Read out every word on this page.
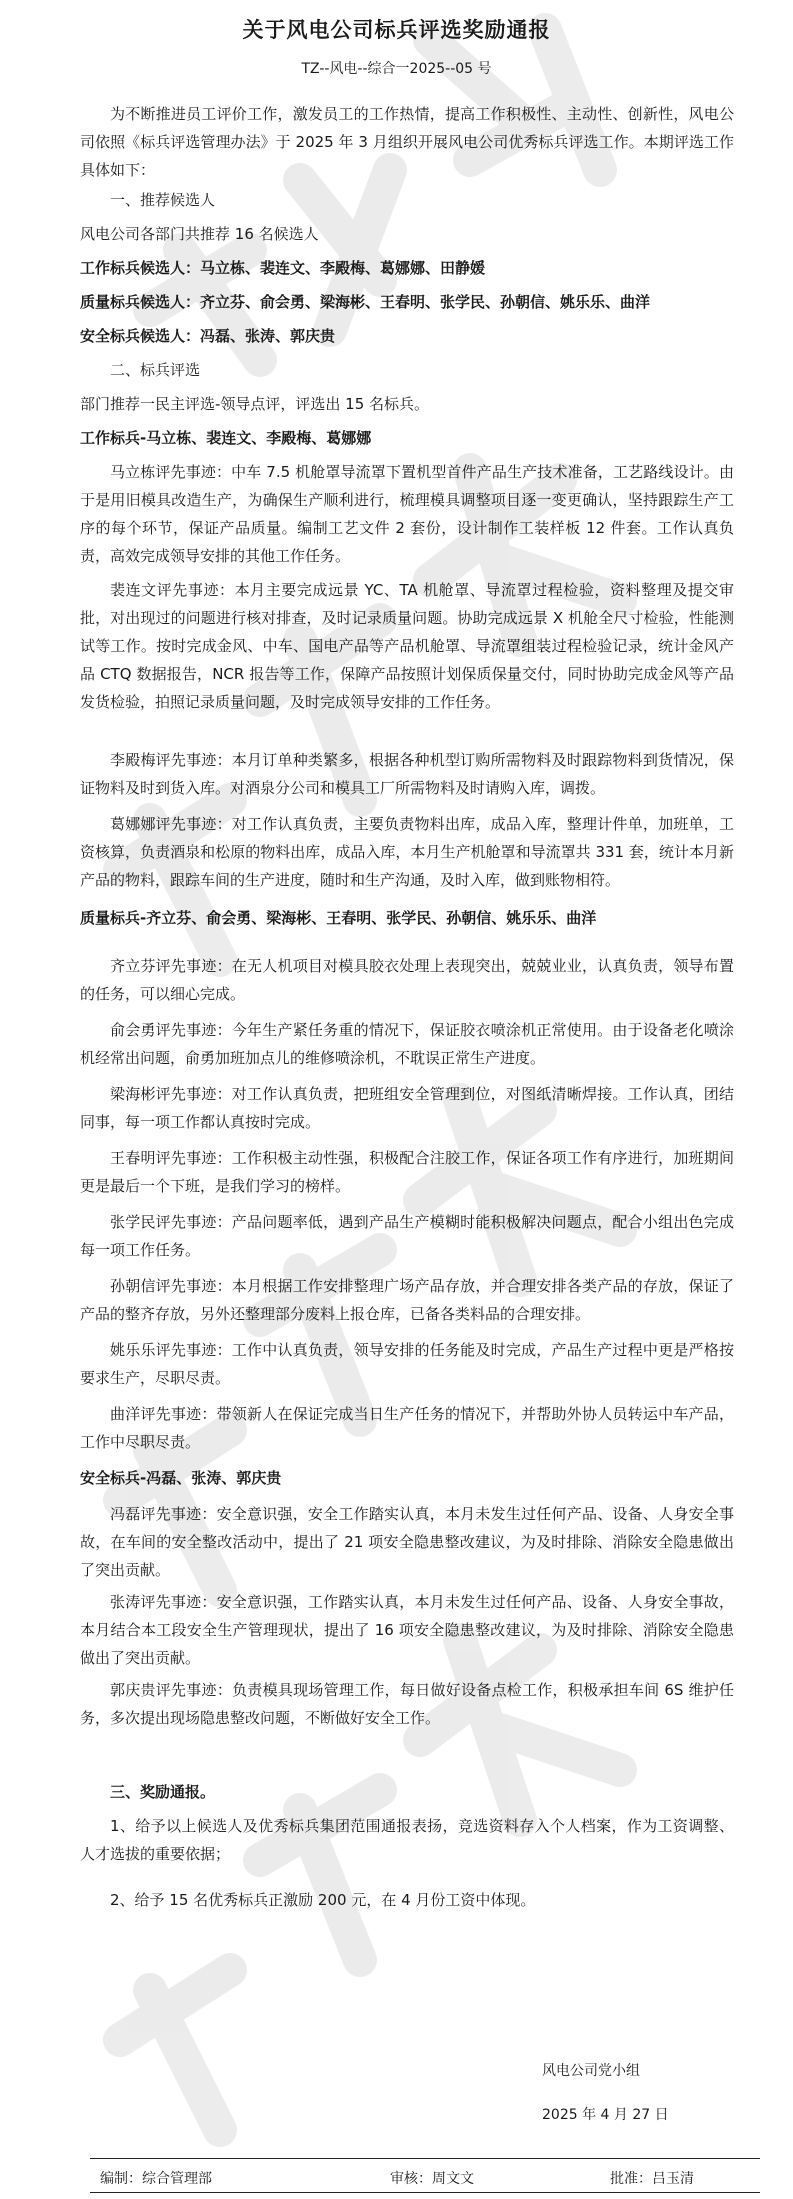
关于风电公司标兵评选奖励通报
TZ--风电--综合一2025--05 号

为不断推进员工评价工作，激发员工的工作热情，提高工作积极性、主动性、创新性，风电公司依照《标兵评选管理办法》于 2025 年 3 月组织开展风电公司优秀标兵评选工作。本期评选工作具体如下：

一、推荐候选人

风电公司各部门共推荐 16 名候选人

工作标兵候选人：马立栋、裴连文、李殿梅、葛娜娜、田静媛

质量标兵候选人：齐立芬、俞会勇、梁海彬、王春明、张学民、孙朝信、姚乐乐、曲洋

安全标兵候选人：冯磊、张涛、郭庆贵

二、标兵评选

部门推荐一民主评选-领导点评，评选出 15 名标兵。

工作标兵-马立栋、裴连文、李殿梅、葛娜娜

马立栋评先事迹：中车 7.5 机舱罩导流罩下置机型首件产品生产技术准备，工艺路线设计。由于是用旧模具改造生产，为确保生产顺利进行，梳理模具调整项目逐一变更确认，坚持跟踪生产工序的每个环节，保证产品质量。编制工艺文件 2 套份，设计制作工装样板 12 件套。工作认真负责，高效完成领导安排的其他工作任务。

裴连文评先事迹：本月主要完成远景 YC、TA 机舱罩、导流罩过程检验，资料整理及提交审批，对出现过的问题进行核对排查，及时记录质量问题。协助完成远景 X 机舱全尺寸检验，性能测试等工作。按时完成金风、中车、国电产品等产品机舱罩、导流罩组装过程检验记录，统计金风产品 CTQ 数据报告，NCR 报告等工作，保障产品按照计划保质保量交付，同时协助完成金风等产品发货检验，拍照记录质量问题，及时完成领导安排的工作任务。

李殿梅评先事迹：本月订单种类繁多，根据各种机型订购所需物料及时跟踪物料到货情况，保证物料及时到货入库。对酒泉分公司和模具工厂所需物料及时请购入库，调拨。

葛娜娜评先事迹：对工作认真负责，主要负责物料出库，成品入库，整理计件单，加班单，工资核算，负责酒泉和松原的物料出库，成品入库，本月生产机舱罩和导流罩共 331 套，统计本月新产品的物料，跟踪车间的生产进度，随时和生产沟通，及时入库，做到账物相符。

质量标兵-齐立芬、俞会勇、梁海彬、王春明、张学民、孙朝信、姚乐乐、曲洋

齐立芬评先事迹：在无人机项目对模具胶衣处理上表现突出，兢兢业业，认真负责，领导布置的任务，可以细心完成。

俞会勇评先事迹：今年生产紧任务重的情况下，保证胶衣喷涂机正常使用。由于设备老化喷涂机经常出问题，俞勇加班加点儿的维修喷涂机，不耽误正常生产进度。

梁海彬评先事迹：对工作认真负责，把班组安全管理到位，对图纸清晰焊接。工作认真，团结同事，每一项工作都认真按时完成。

王春明评先事迹：工作积极主动性强，积极配合注胶工作，保证各项工作有序进行，加班期间更是最后一个下班，是我们学习的榜样。

张学民评先事迹：产品问题率低，遇到产品生产模糊时能积极解决问题点，配合小组出色完成每一项工作任务。

孙朝信评先事迹：本月根据工作安排整理广场产品存放，并合理安排各类产品的存放，保证了产品的整齐存放，另外还整理部分废料上报仓库，已备各类料品的合理安排。

姚乐乐评先事迹：工作中认真负责，领导安排的任务能及时完成，产品生产过程中更是严格按要求生产，尽职尽责。

曲洋评先事迹：带领新人在保证完成当日生产任务的情况下，并帮助外协人员转运中车产品，工作中尽职尽责。

安全标兵-冯磊、张涛、郭庆贵

冯磊评先事迹：安全意识强，安全工作踏实认真，本月未发生过任何产品、设备、人身安全事故，在车间的安全整改活动中，提出了 21 项安全隐患整改建议，为及时排除、消除安全隐患做出了突出贡献。

张涛评先事迹：安全意识强，工作踏实认真，本月未发生过任何产品、设备、人身安全事故，本月结合本工段安全生产管理现状，提出了 16 项安全隐患整改建议，为及时排除、消除安全隐患做出了突出贡献。

郭庆贵评先事迹：负责模具现场管理工作，每日做好设备点检工作，积极承担车间 6S 维护任务，多次提出现场隐患整改问题，不断做好安全工作。

三、奖励通报。

1、给予以上候选人及优秀标兵集团范围通报表扬，竞选资料存入个人档案，作为工资调整、人才选拔的重要依据；

2、给予 15 名优秀标兵正激励 200 元，在 4 月份工资中体现。

风电公司党小组
2025 年 4 月 27 日
编制：综合管理部	审核：周文文	批准：吕玉清
